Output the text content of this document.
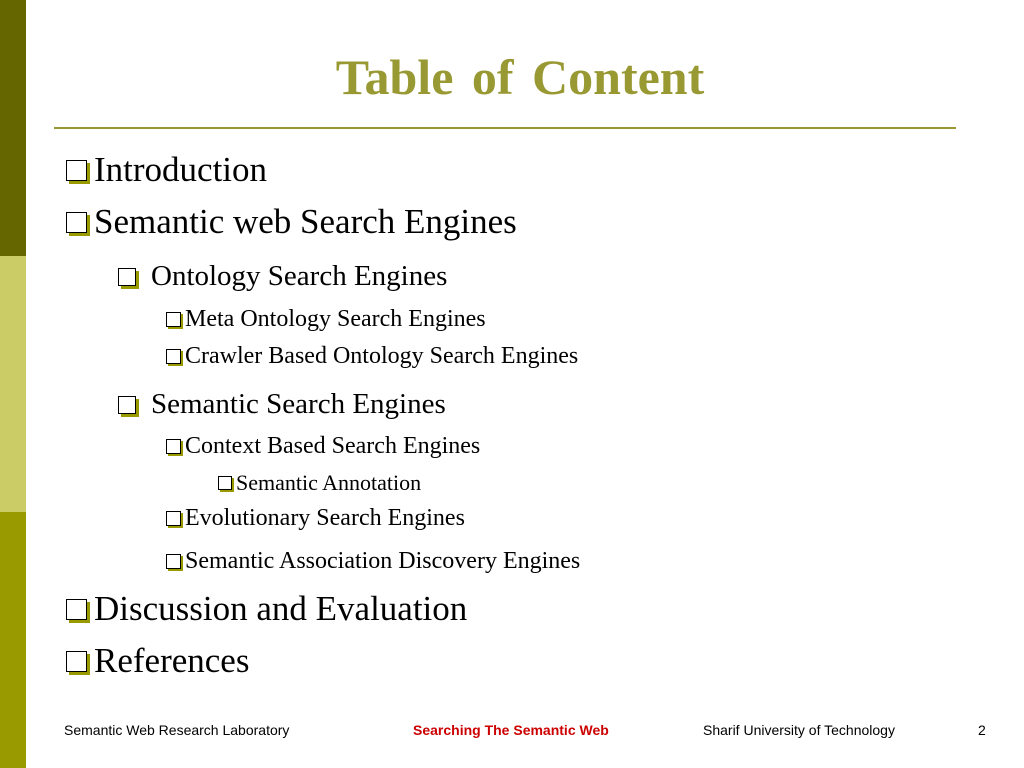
Table of Content
Introduction
Semantic web Search Engines
Ontology Search Engines
Meta Ontology Search Engines
Crawler Based Ontology Search Engines
Semantic Search Engines
Context Based Search Engines
Semantic Annotation
Evolutionary Search Engines
Semantic Association Discovery Engines
Discussion and Evaluation
References
Semantic Web Research Laboratory	Searching The Semantic Web	Sharif University of Technology	2
